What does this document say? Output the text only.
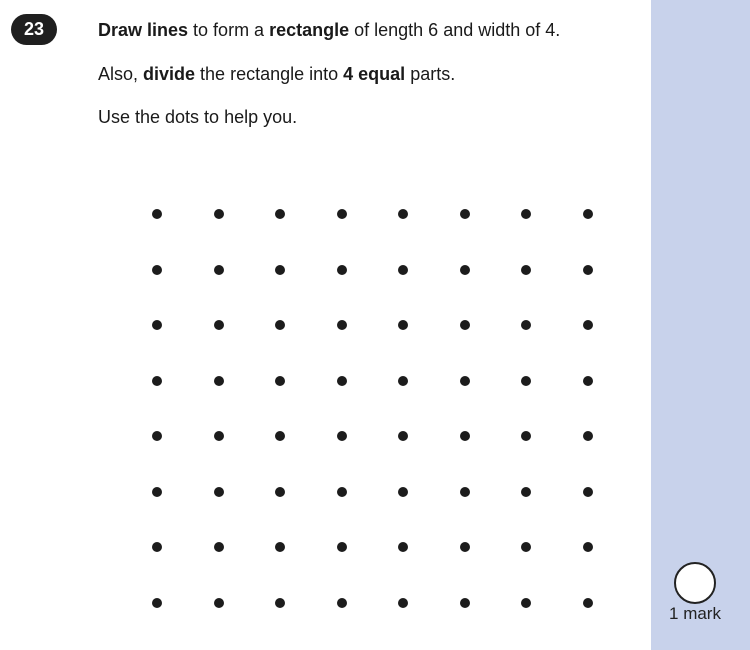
23	Draw lines to form a rectangle of length 6 and width of 4.
Also, divide the rectangle into 4 equal parts.
Use the dots to help you.
1 mark
